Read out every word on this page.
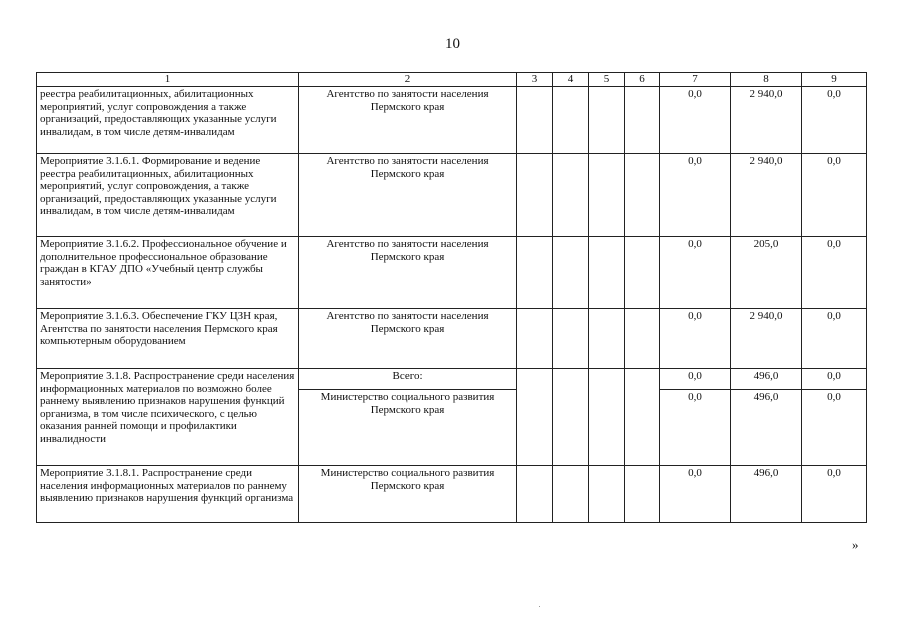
10
1	2	3	4	5	6	7	8	9
реестра реабилитационных, абилитационных мероприятий, услуг сопровождения а также организаций, предоставляющих указанные услуги инвалидам, в том числе детям-инвалидам	Агентство по занятости населения Пермского края					0,0	2 940,0	0,0
Мероприятие 3.1.6.1. Формирование и ведение реестра реабилитационных, абилитационных мероприятий, услуг сопровождения, а также организаций, предоставляющих указанные услуги инвалидам, в том числе детям-инвалидам	Агентство по занятости населения Пермского края					0,0	2 940,0	0,0
Мероприятие 3.1.6.2. Профессиональное обучение и дополнительное профессиональное образование граждан в КГАУ ДПО «Учебный центр службы занятости»	Агентство по занятости населения Пермского края					0,0	205,0	0,0
Мероприятие 3.1.6.3. Обеспечение ГКУ ЦЗН края, Агентства по занятости населения Пермского края компьютерным оборудованием	Агентство по занятости населения Пермского края					0,0	2 940,0	0,0
Мероприятие 3.1.8. Распространение среди населения информационных материалов по возможно более раннему выявлению признаков нарушения функций организма, в том числе психического, с целью оказания ранней помощи и профилактики инвалидности	Всего:					0,0	496,0	0,0
	Министерство социального развития Пермского края					0,0	496,0	0,0
Мероприятие 3.1.8.1. Распространение среди населения информационных материалов по раннему выявлению признаков нарушения функций организма	Министерство социального развития Пермского края					0,0	496,0	0,0
»
